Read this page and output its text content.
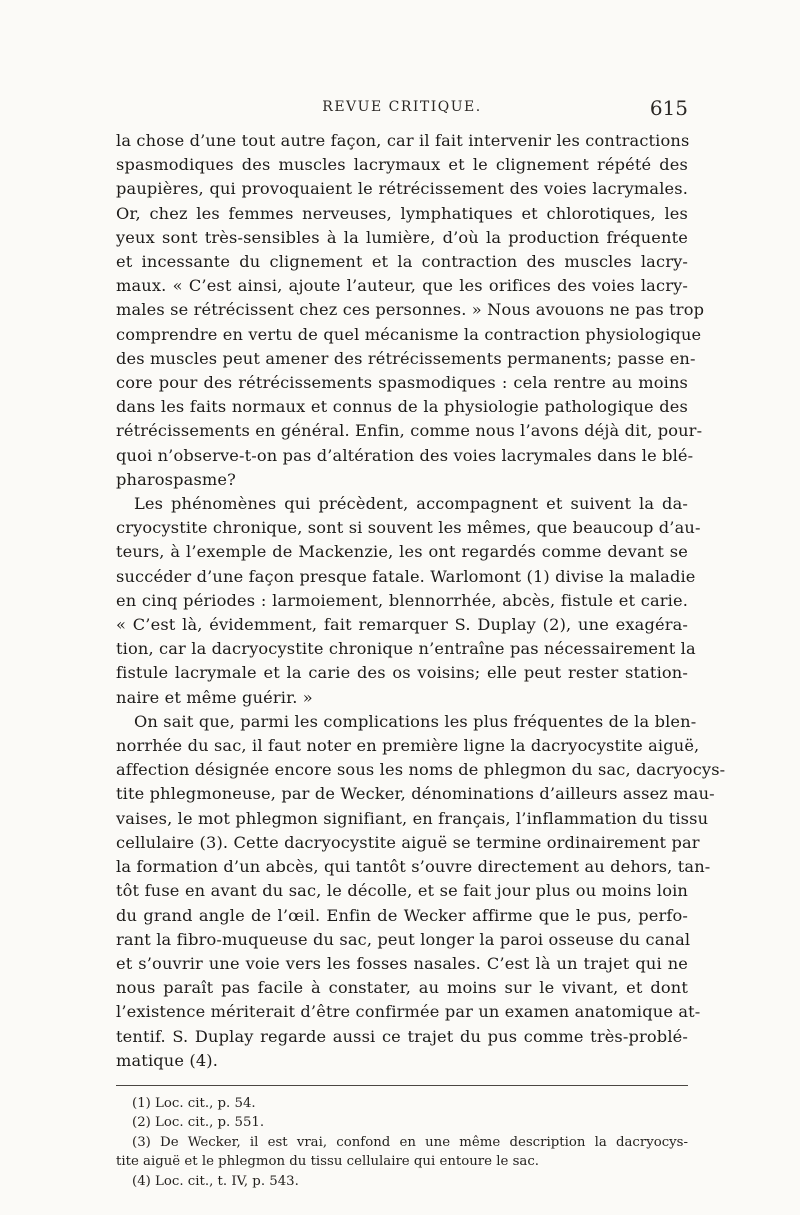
REVUE CRITIQUE.	615
la chose d’une tout autre façon, car il fait intervenir les contractions
spasmodiques des muscles lacrymaux et le clignement répété des
paupières, qui provoquaient le rétrécissement des voies lacrymales.
Or, chez les femmes nerveuses, lymphatiques et chlorotiques, les
yeux sont très-sensibles à la lumière, d’où la production fréquente
et incessante du clignement et la contraction des muscles lacry-
maux. « C’est ainsi, ajoute l’auteur, que les orifices des voies lacry-
males se rétrécissent chez ces personnes. » Nous avouons ne pas trop
comprendre en vertu de quel mécanisme la contraction physiologique
des muscles peut amener des rétrécissements permanents; passe en-
core pour des rétrécissements spasmodiques : cela rentre au moins
dans les faits normaux et connus de la physiologie pathologique des
rétrécissements en général. Enfin, comme nous l’avons déjà dit, pour-
quoi n’observe-t-on pas d’altération des voies lacrymales dans le blé-
pharospasme?
Les phénomènes qui précèdent, accompagnent et suivent la da-
cryocystite chronique, sont si souvent les mêmes, que beaucoup d’au-
teurs, à l’exemple de Mackenzie, les ont regardés comme devant se
succéder d’une façon presque fatale. Warlomont (1) divise la maladie
en cinq périodes : larmoiement, blennorrhée, abcès, fistule et carie.
« C’est là, évidemment, fait remarquer S. Duplay (2), une exagéra-
tion, car la dacryocystite chronique n’entraîne pas nécessairement la
fistule lacrymale et la carie des os voisins; elle peut rester station-
naire et même guérir. »
On sait que, parmi les complications les plus fréquentes de la blen-
norrhée du sac, il faut noter en première ligne la dacryocystite aiguë,
affection désignée encore sous les noms de phlegmon du sac, dacryocys-
tite phlegmoneuse, par de Wecker, dénominations d’ailleurs assez mau-
vaises, le mot phlegmon signifiant, en français, l’inflammation du tissu
cellulaire (3). Cette dacryocystite aiguë se termine ordinairement par
la formation d’un abcès, qui tantôt s’ouvre directement au dehors, tan-
tôt fuse en avant du sac, le décolle, et se fait jour plus ou moins loin
du grand angle de l’œil. Enfin de Wecker affirme que le pus, perfo-
rant la fibro-muqueuse du sac, peut longer la paroi osseuse du canal
et s’ouvrir une voie vers les fosses nasales. C’est là un trajet qui ne
nous paraît pas facile à constater, au moins sur le vivant, et dont
l’existence mériterait d’être confirmée par un examen anatomique at-
tentif. S. Duplay regarde aussi ce trajet du pus comme très-problé-
matique (4).
(1) Loc. cit., p. 54.
(2) Loc. cit., p. 551.
(3) De Wecker, il est vrai, confond en une même description la dacryocys-
tite aiguë et le phlegmon du tissu cellulaire qui entoure le sac.
(4) Loc. cit., t. IV, p. 543.
